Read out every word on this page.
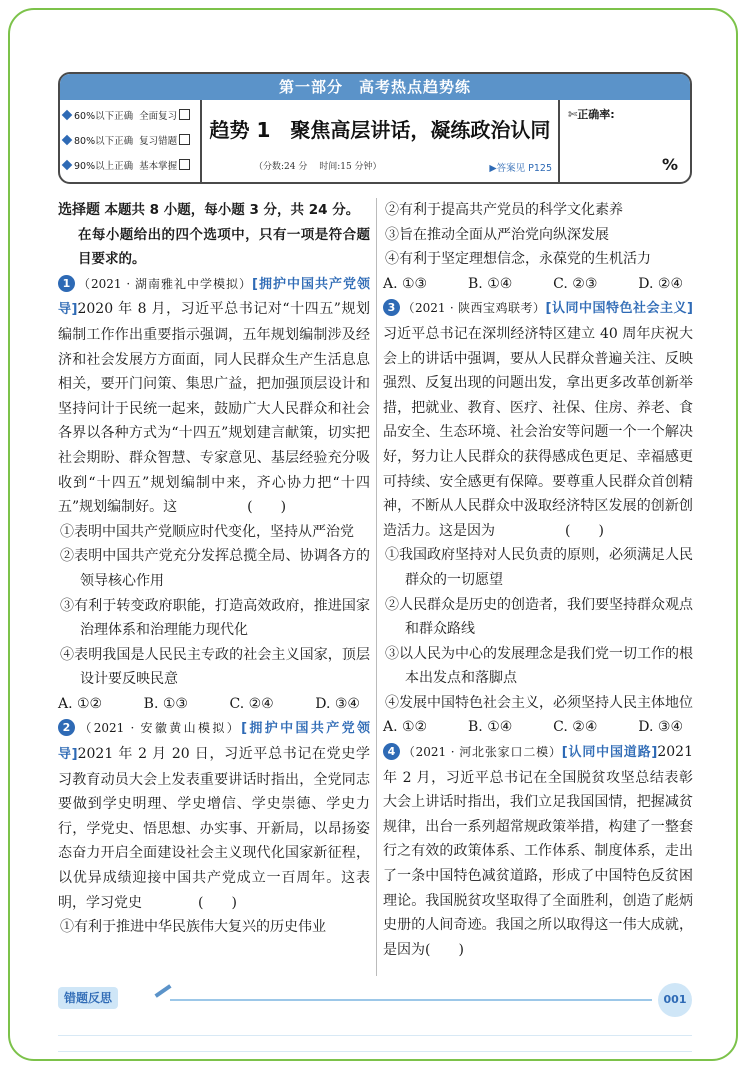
第一部分　高考热点趋势练
60%以下正确 全面复习
80%以下正确 复习错题
90%以上正确 基本掌握
趋势 1　聚焦高层讲话，凝练政治认同
（分数:24 分　 时间:15 分钟）	▶答案见 P125
✄正确率:
%

选择题 本题共 8 小题，每小题 3 分，共 24 分。

在每小题给出的四个选项中，只有一项是符合题目要求的。

1 （2021 · 湖南雅礼中学模拟）[拥护中国共产党领导]2020 年 8 月，习近平总书记对“十四五”规划编制工作作出重要指示强调，五年规划编制涉及经济和社会发展方方面面，同人民群众生产生活息息相关，要开门问策、集思广益，把加强顶层设计和坚持问计于民统一起来，鼓励广大人民群众和社会各界以各种方式为“十四五”规划建言献策，切实把社会期盼、群众智慧、专家意见、基层经验充分吸收到“十四五”规划编制中来，齐心协力把“十四五”规划编制好。这　　　　　(　　)

①表明中国共产党顺应时代变化，坚持从严治党

②表明中国共产党充分发挥总揽全局、协调各方的领导核心作用

③有利于转变政府职能，打造高效政府，推进国家治理体系和治理能力现代化

④表明我国是人民民主专政的社会主义国家，顶层设计要反映民意

A. ①②	B. ①③	C. ②④	D. ③④

2 （2021 · 安徽黄山模拟）[拥护中国共产党领导]2021 年 2 月 20 日，习近平总书记在党史学习教育动员大会上发表重要讲话时指出，全党同志要做到学史明理、学史增信、学史崇德、学史力行，学党史、悟思想、办实事、开新局，以昂扬姿态奋力开启全面建设社会主义现代化国家新征程，以优异成绩迎接中国共产党成立一百周年。这表明，学习党史　　　　(　　)

①有利于推进中华民族伟大复兴的历史伟业

②有利于提高共产党员的科学文化素养

③旨在推动全面从严治党向纵深发展

④有利于坚定理想信念，永葆党的生机活力

A. ①③	B. ①④	C. ②③	D. ②④

3 （2021 · 陕西宝鸡联考）[认同中国特色社会主义]习近平总书记在深圳经济特区建立 40 周年庆祝大会上的讲话中强调，要从人民群众普遍关注、反映强烈、反复出现的问题出发，拿出更多改革创新举措，把就业、教育、医疗、社保、住房、养老、食品安全、生态环境、社会治安等问题一个一个解决好，努力让人民群众的获得感成色更足、幸福感更可持续、安全感更有保障。要尊重人民群众首创精神，不断从人民群众中汲取经济特区发展的创新创造活力。这是因为　　　　　(　　)

①我国政府坚持对人民负责的原则，必须满足人民群众的一切愿望

②人民群众是历史的创造者，我们要坚持群众观点和群众路线

③以人民为中心的发展理念是我们党一切工作的根本出发点和落脚点

④发展中国特色社会主义，必须坚持人民主体地位

A. ①②	B. ①④	C. ②④	D. ③④

4 （2021 · 河北张家口二模）[认同中国道路]2021 年 2 月，习近平总书记在全国脱贫攻坚总结表彰大会上讲话时指出，我们立足我国国情，把握减贫规律，出台一系列超常规政策举措，构建了一整套行之有效的政策体系、工作体系、制度体系，走出了一条中国特色减贫道路，形成了中国特色反贫困理论。我国脱贫攻坚取得了全面胜利，创造了彪炳史册的人间奇迹。我国之所以取得这一伟大成就，是因为(　　)

错题反思	001
